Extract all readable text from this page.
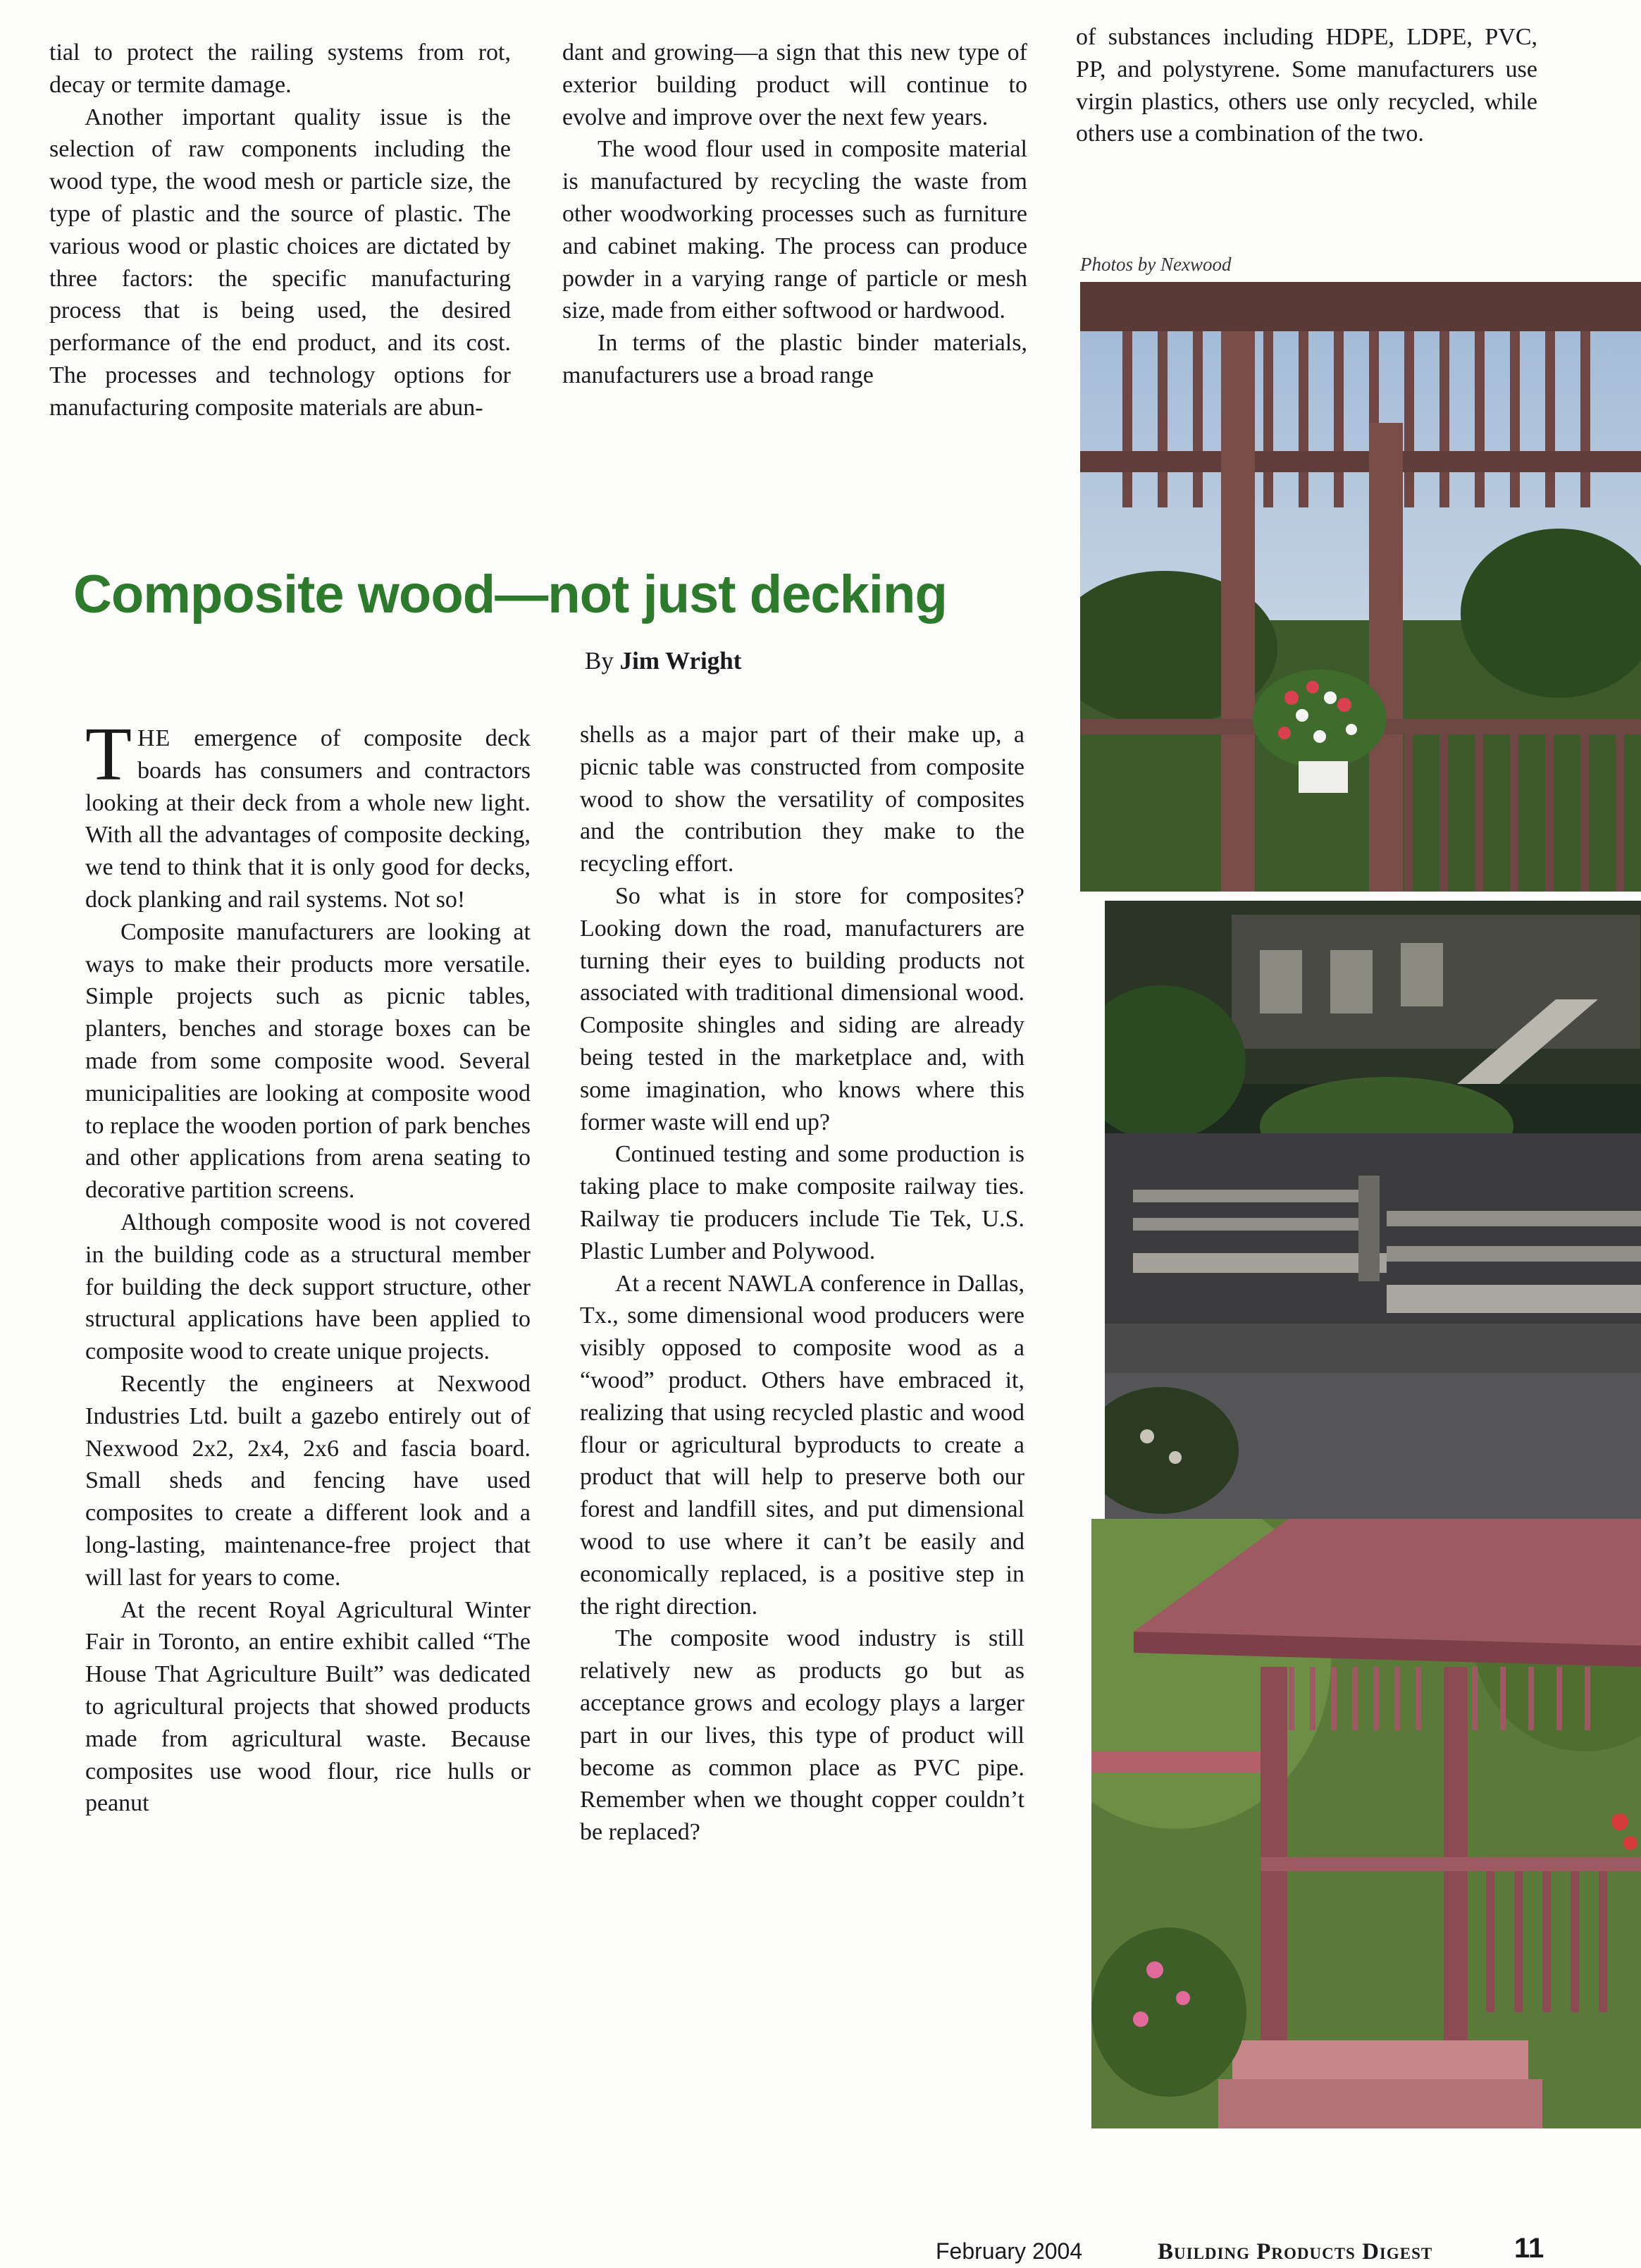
tial to protect the railing systems from rot, decay or termite damage.

Another important quality issue is the selection of raw components including the wood type, the wood mesh or particle size, the type of plastic and the source of plastic. The various wood or plastic choices are dictated by three factors: the specific manufacturing process that is being used, the desired performance of the end product, and its cost. The processes and technology options for manufacturing composite materials are abun-

dant and growing—a sign that this new type of exterior building product will continue to evolve and improve over the next few years.

The wood flour used in composite material is manufactured by recycling the waste from other woodworking processes such as furniture and cabinet making. The process can produce powder in a varying range of particle or mesh size, made from either softwood or hardwood.

In terms of the plastic binder materials, manufacturers use a broad range

of substances including HDPE, LDPE, PVC, PP, and polystyrene. Some manufacturers use virgin plastics, others use only recycled, while others use a combination of the two.

Composite wood—not just decking
By Jim Wright

THE emergence of composite deck boards has consumers and contractors looking at their deck from a whole new light. With all the advantages of composite decking, we tend to think that it is only good for decks, dock planking and rail systems. Not so!

Composite manufacturers are looking at ways to make their products more versatile. Simple projects such as picnic tables, planters, benches and storage boxes can be made from some composite wood. Several municipalities are looking at composite wood to replace the wooden portion of park benches and other applications from arena seating to decorative partition screens.

Although composite wood is not covered in the building code as a structural member for building the deck support structure, other structural applications have been applied to composite wood to create unique projects.

Recently the engineers at Nexwood Industries Ltd. built a gazebo entirely out of Nexwood 2x2, 2x4, 2x6 and fascia board. Small sheds and fencing have used composites to create a different look and a long-lasting, maintenance-free project that will last for years to come.

At the recent Royal Agricultural Winter Fair in Toronto, an entire exhibit called “The House That Agriculture Built” was dedicated to agricultural projects that showed products made from agricultural waste. Because composites use wood flour, rice hulls or peanut

shells as a major part of their make up, a picnic table was constructed from composite wood to show the versatility of composites and the contribution they make to the recycling effort.

So what is in store for composites? Looking down the road, manufacturers are turning their eyes to building products not associated with traditional dimensional wood. Composite shingles and siding are already being tested in the marketplace and, with some imagination, who knows where this former waste will end up?

Continued testing and some production is taking place to make composite railway ties. Railway tie producers include Tie Tek, U.S. Plastic Lumber and Polywood.

At a recent NAWLA conference in Dallas, Tx., some dimensional wood producers were visibly opposed to composite wood as a “wood” product. Others have embraced it, realizing that using recycled plastic and wood flour or agricultural byproducts to create a product that will help to preserve both our forest and landfill sites, and put dimensional wood to use where it can’t be easily and economically replaced, is a positive step in the right direction.

The composite wood industry is still relatively new as products go but as acceptance grows and ecology plays a larger part in our lives, this type of product will become as common place as PVC pipe. Remember when we thought copper couldn’t be replaced?

Photos by Nexwood
February 2004	Building Products Digest	11
